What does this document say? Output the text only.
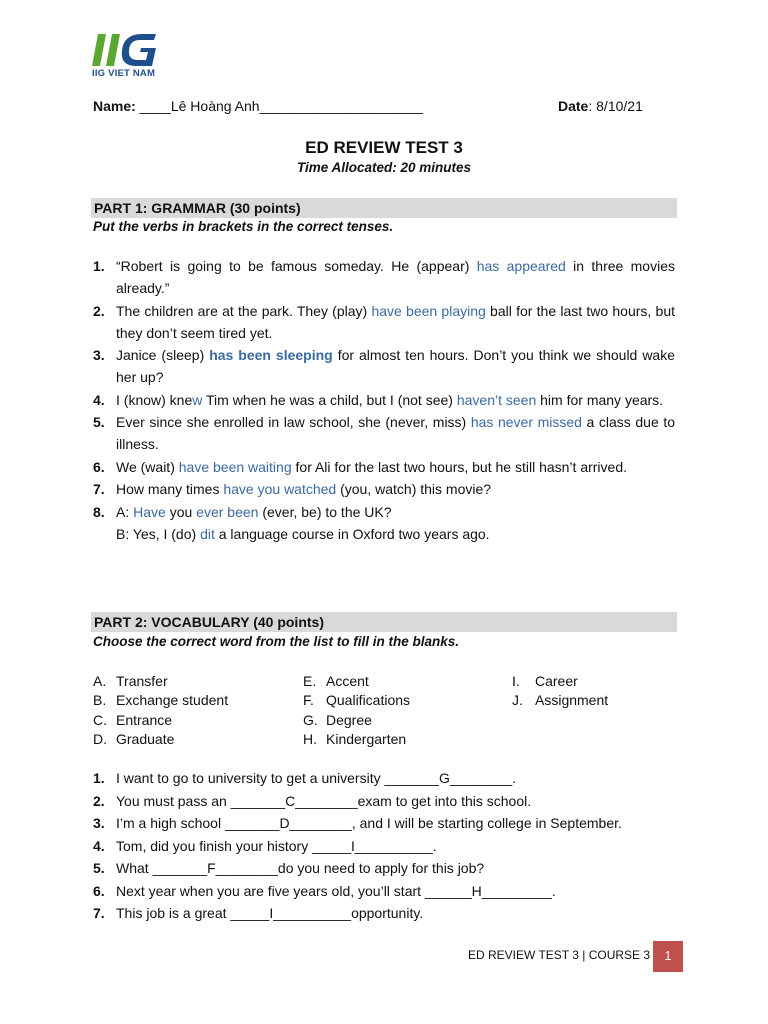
IIG VIET NAM
Name: ____Lê Hoàng Anh_____________________	Date: 8/10/21
ED REVIEW TEST 3
Time Allocated: 20 minutes
PART 1: GRAMMAR (30 points)
Put the verbs in brackets in the correct tenses.
1. “Robert is going to be famous someday. He (appear) has appeared in three movies already.”
2. The children are at the park. They (play) have been playing ball for the last two hours, but they don’t seem tired yet.
3. Janice (sleep) has been sleeping for almost ten hours. Don’t you think we should wake her up?
4. I (know) knew Tim when he was a child, but I (not see) haven’t seen him for many years.
5. Ever since she enrolled in law school, she (never, miss) has never missed a class due to illness.
6. We (wait) have been waiting for Ali for the last two hours, but he still hasn’t arrived.
7. How many times have you watched (you, watch) this movie?
8. A: Have you ever been (ever, be) to the UK?
B: Yes, I (do) dit a language course in Oxford two years ago.
PART 2: VOCABULARY (40 points)
Choose the correct word from the list to fill in the blanks.
A. Transfer
B. Exchange student
C. Entrance
D. Graduate
E. Accent
F. Qualifications
G. Degree
H. Kindergarten
I. Career
J. Assignment
1. I want to go to university to get a university _______G________.
2. You must pass an _______C________exam to get into this school.
3. I’m a high school _______D________, and I will be starting college in September.
4. Tom, did you finish your history _____I__________.
5. What _______F________do you need to apply for this job?
6. Next year when you are five years old, you’ll start ______H_________.
7. This job is a great _____I__________opportunity.
ED REVIEW TEST 3 | COURSE 3	1
